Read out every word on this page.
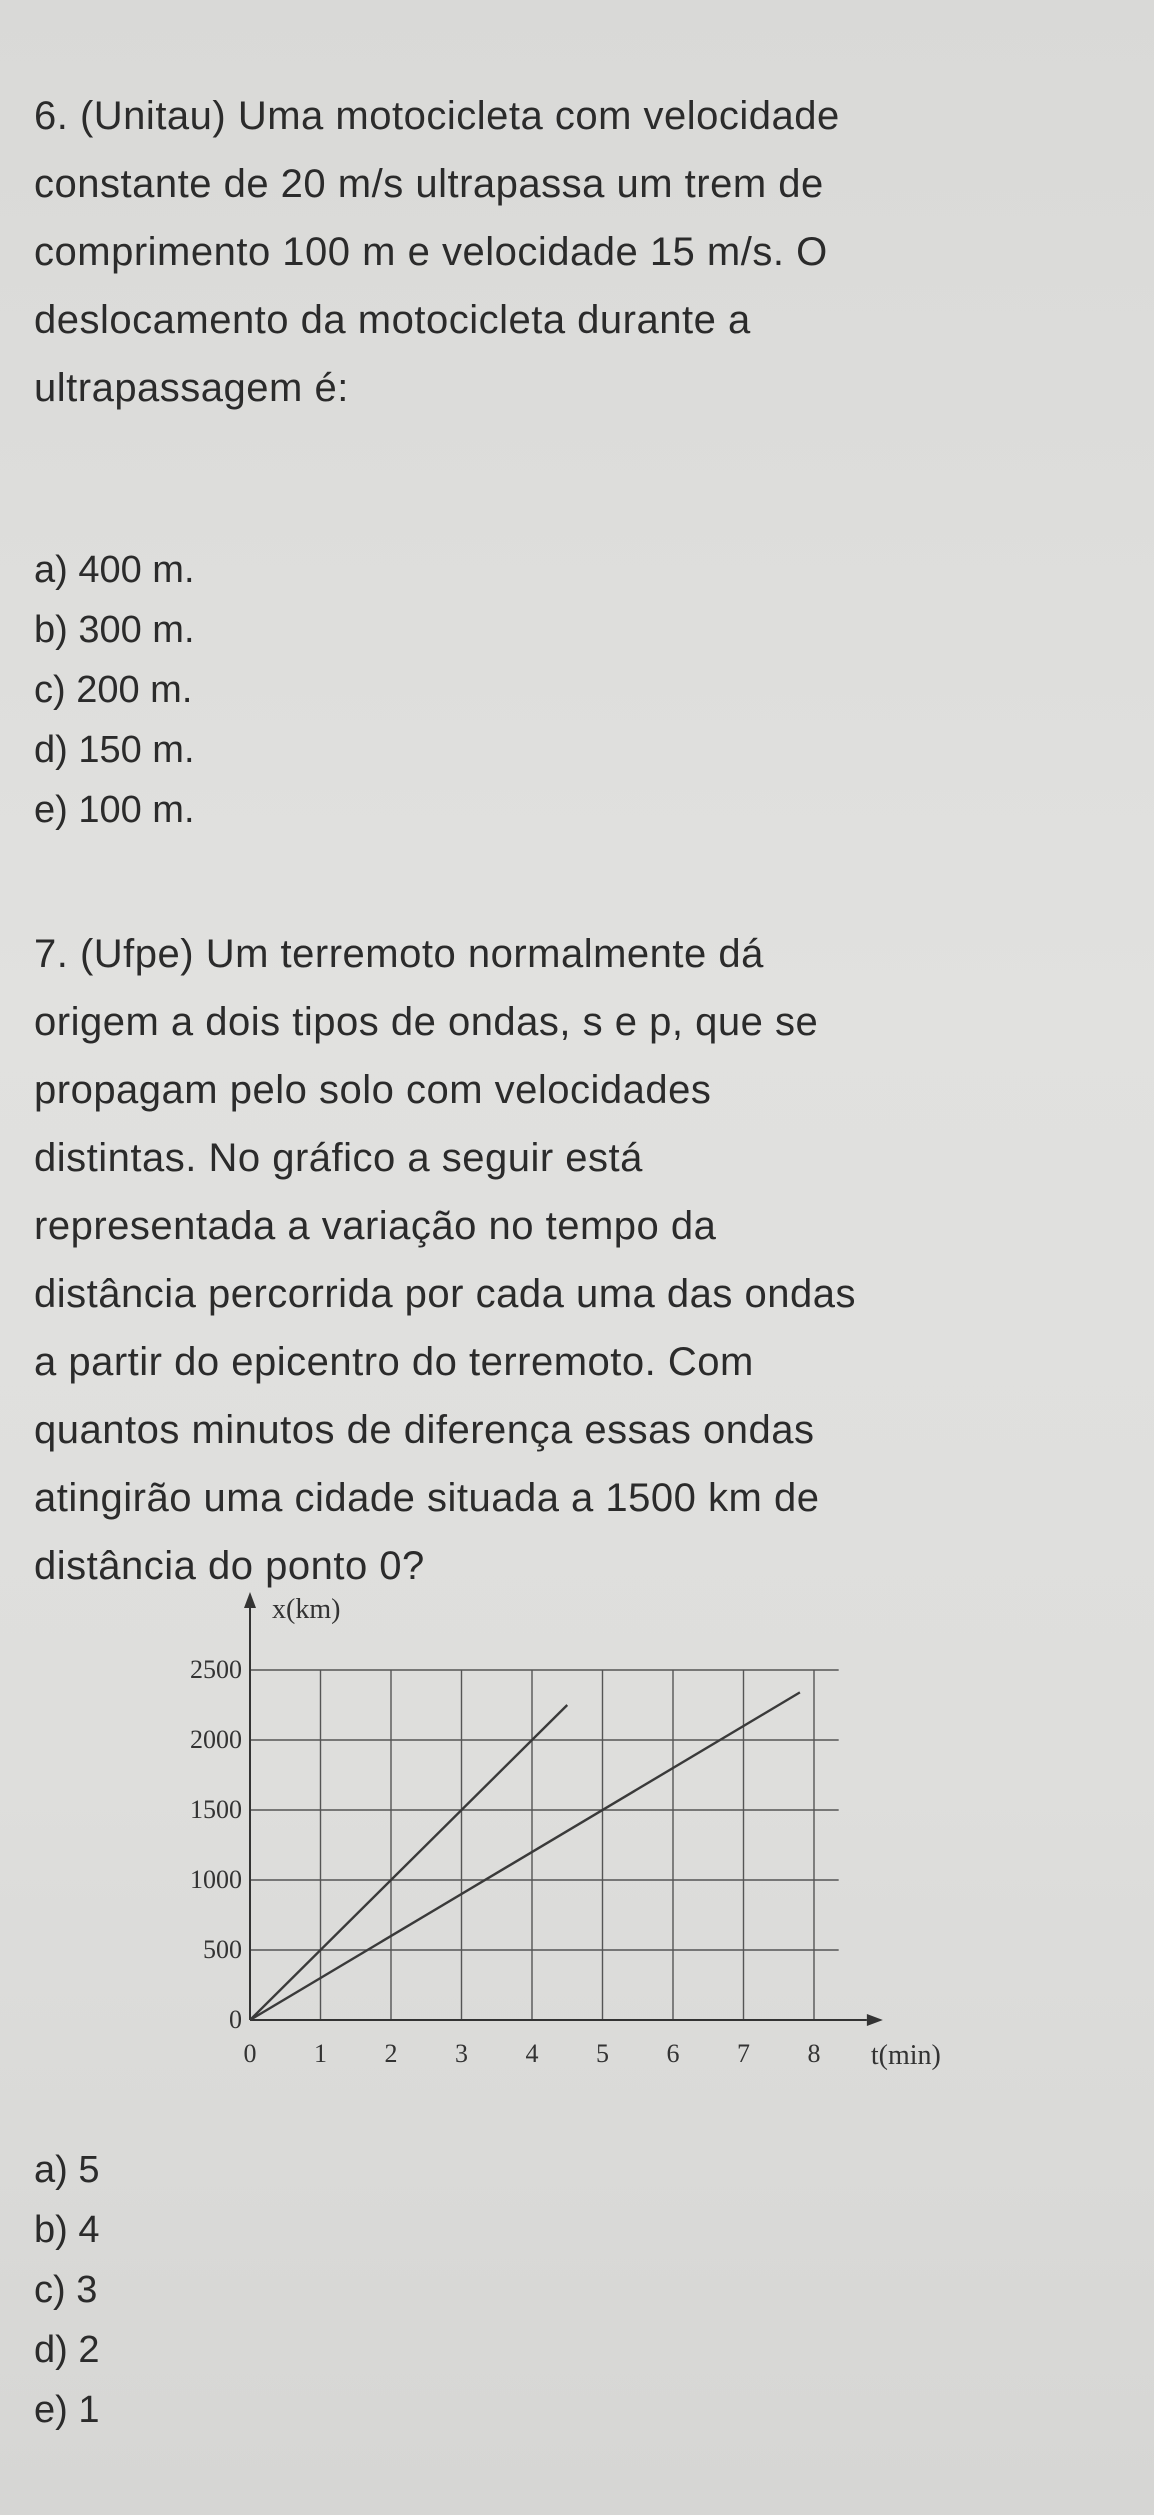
6. (Unitau) Uma motocicleta com velocidade
constante de 20 m/s ultrapassa um trem de
comprimento 100 m e velocidade 15 m/s. O
deslocamento da motocicleta durante a
ultrapassagem é:
a) 400 m.
b) 300 m.
c) 200 m.
d) 150 m.
e) 100 m.
7. (Ufpe) Um terremoto normalmente dá
origem a dois tipos de ondas, s e p, que se
propagam pelo solo com velocidades
distintas. No gráfico a seguir está
representada a variação no tempo da
distância percorrida por cada uma das ondas
a partir do epicentro do terremoto. Com
quantos minutos de diferença essas ondas
atingirão uma cidade situada a 1500 km de
distância do ponto 0?
0
500
1000
1500
2000
2500
0 1 2 3 4 5 6 7 8
x(km)
t(min)
a) 5
b) 4
c) 3
d) 2
e) 1
